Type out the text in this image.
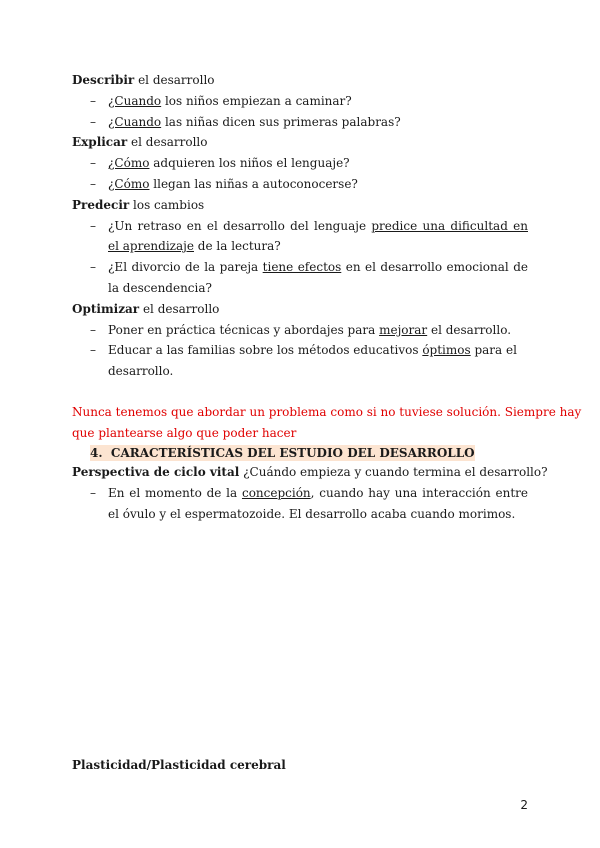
Describir el desarrollo

– ¿Cuando los niños empiezan a caminar?
– ¿Cuando las niñas dicen sus primeras palabras?

Explicar el desarrollo

– ¿Cómo adquieren los niños el lenguaje?
– ¿Cómo llegan las niñas a autoconocerse?

Predecir los cambios

– ¿Un retraso en el desarrollo del lenguaje predice una dificultad en el aprendizaje de la lectura?
– ¿El divorcio de la pareja tiene efectos en el desarrollo emocional de la descendencia?

Optimizar el desarrollo

– Poner en práctica técnicas y abordajes para mejorar el desarrollo.
– Educar a las familias sobre los métodos educativos óptimos para el desarrollo.

Nunca tenemos que abordar un problema como si no tuviese solución. Siempre hay

que plantearse algo que poder hacer

4. CARACTERÍSTICAS DEL ESTUDIO DEL DESARROLLO

Perspectiva de ciclo vital ¿Cuándo empieza y cuando termina el desarrollo?

– En el momento de la concepción, cuando hay una interacción entre el óvulo y el espermatozoide. El desarrollo acaba cuando morimos.
Plasticidad/Plasticidad cerebral
2
